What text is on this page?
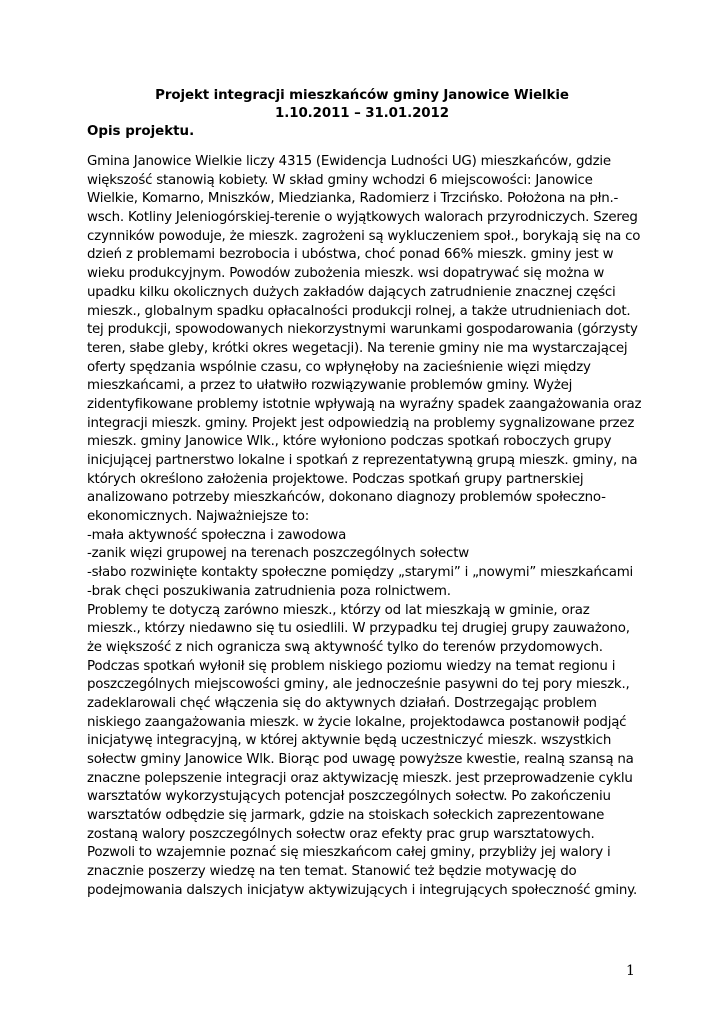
Projekt integracji mieszkańców gminy Janowice Wielkie
1.10.2011 – 31.01.2012
Opis projektu.
Gmina Janowice Wielkie liczy 4315 (Ewidencja Ludności UG) mieszkańców, gdzie
większość stanowią kobiety. W skład gminy wchodzi 6 miejscowości: Janowice
Wielkie, Komarno, Mniszków, Miedzianka, Radomierz i Trzcińsko. Położona na płn.-
wsch. Kotliny Jeleniogórskiej-terenie o wyjątkowych walorach przyrodniczych. Szereg
czynników powoduje, że mieszk. zagrożeni są wykluczeniem społ., borykają się na co
dzień z problemami bezrobocia i ubóstwa, choć ponad 66% mieszk. gminy jest w
wieku produkcyjnym. Powodów zubożenia mieszk. wsi dopatrywać się można w
upadku kilku okolicznych dużych zakładów dających zatrudnienie znacznej części
mieszk., globalnym spadku opłacalności produkcji rolnej, a także utrudnieniach dot.
tej produkcji, spowodowanych niekorzystnymi warunkami gospodarowania (górzysty
teren, słabe gleby, krótki okres wegetacji). Na terenie gminy nie ma wystarczającej
oferty spędzania wspólnie czasu, co wpłynęłoby na zacieśnienie więzi między
mieszkańcami, a przez to ułatwiło rozwiązywanie problemów gminy. Wyżej
zidentyfikowane problemy istotnie wpływają na wyraźny spadek zaangażowania oraz
integracji mieszk. gminy. Projekt jest odpowiedzią na problemy sygnalizowane przez
mieszk. gminy Janowice Wlk., które wyłoniono podczas spotkań roboczych grupy
inicjującej partnerstwo lokalne i spotkań z reprezentatywną grupą mieszk. gminy, na
których określono założenia projektowe. Podczas spotkań grupy partnerskiej
analizowano potrzeby mieszkańców, dokonano diagnozy problemów społeczno-
ekonomicznych. Najważniejsze to:
-mała aktywność społeczna i zawodowa
-zanik więzi grupowej na terenach poszczególnych sołectw
-słabo rozwinięte kontakty społeczne pomiędzy „starymi” i „nowymi” mieszkańcami
-brak chęci poszukiwania zatrudnienia poza rolnictwem.
Problemy te dotyczą zarówno mieszk., którzy od lat mieszkają w gminie, oraz
mieszk., którzy niedawno się tu osiedlili. W przypadku tej drugiej grupy zauważono,
że większość z nich ogranicza swą aktywność tylko do terenów przydomowych.
Podczas spotkań wyłonił się problem niskiego poziomu wiedzy na temat regionu i
poszczególnych miejscowości gminy, ale jednocześnie pasywni do tej pory mieszk.,
zadeklarowali chęć włączenia się do aktywnych działań. Dostrzegając problem
niskiego zaangażowania mieszk. w życie lokalne, projektodawca postanowił podjąć
inicjatywę integracyjną, w której aktywnie będą uczestniczyć mieszk. wszystkich
sołectw gminy Janowice Wlk. Biorąc pod uwagę powyższe kwestie, realną szansą na
znaczne polepszenie integracji oraz aktywizację mieszk. jest przeprowadzenie cyklu
warsztatów wykorzystujących potencjał poszczególnych sołectw. Po zakończeniu
warsztatów odbędzie się jarmark, gdzie na stoiskach sołeckich zaprezentowane
zostaną walory poszczególnych sołectw oraz efekty prac grup warsztatowych.
Pozwoli to wzajemnie poznać się mieszkańcom całej gminy, przybliży jej walory i
znacznie poszerzy wiedzę na ten temat. Stanowić też będzie motywację do
podejmowania dalszych inicjatyw aktywizujących i integrujących społeczność gminy.
1
